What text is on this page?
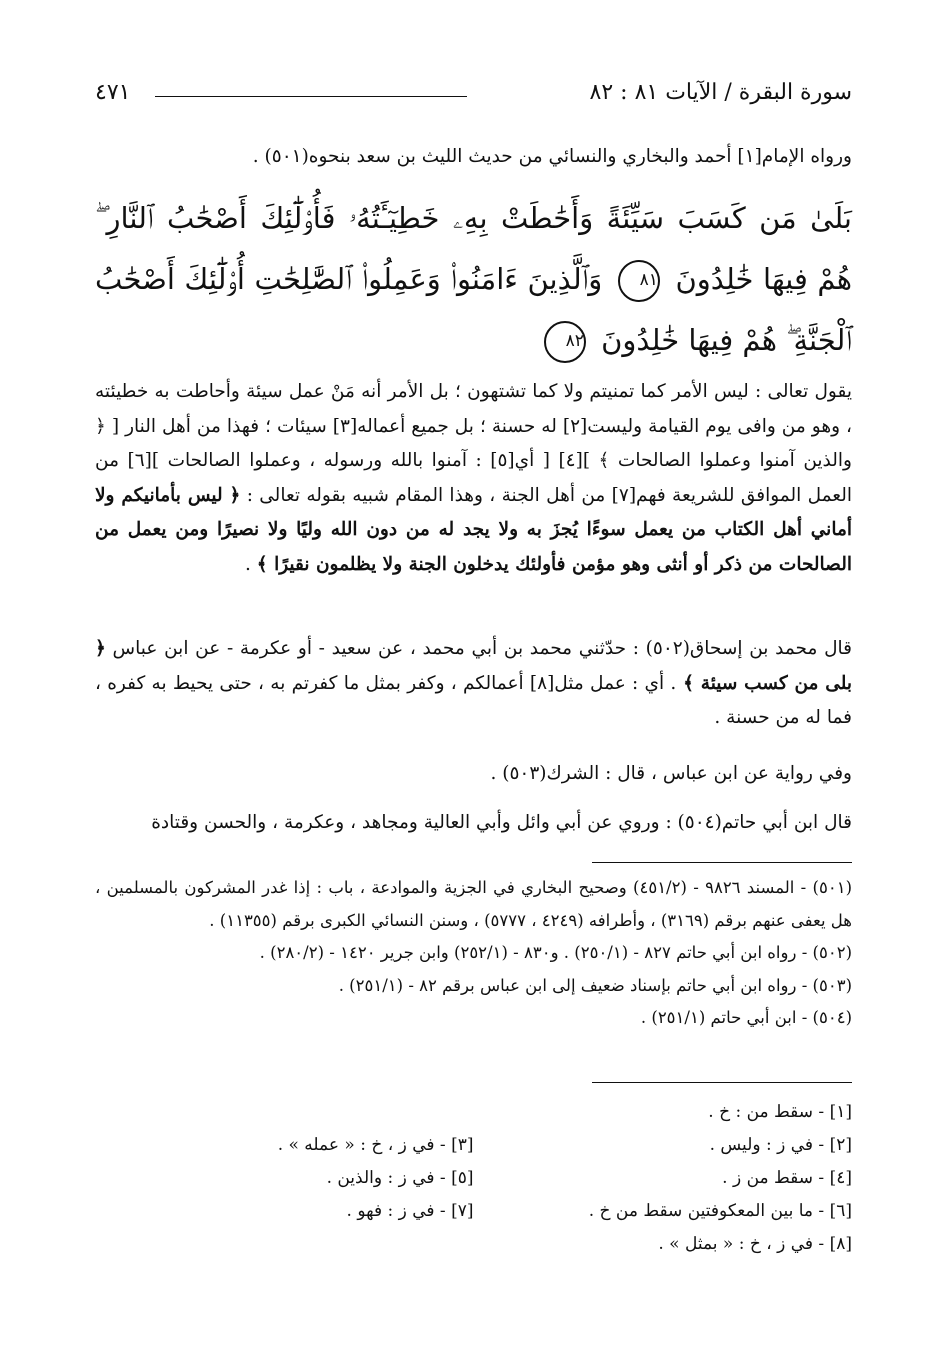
سورة البقرة / الآيات ٨١ : ٨٢
٤٧١

ورواه الإمام[١] أحمد والبخاري والنسائي من حديث الليث بن سعد بنحوه(٥٠١) .

بَلَىٰ مَن كَسَبَ سَيِّئَةً وَأَحَٰطَتْ بِهِۦ خَطِيٓـَٔتُهُۥ فَأُو۟لَٰٓئِكَ أَصْحَٰبُ ٱلنَّارِ ۖ هُمْ فِيهَا خَٰلِدُونَ ٨١ وَٱلَّذِينَ ءَامَنُوا۟ وَعَمِلُوا۟ ٱلصَّٰلِحَٰتِ أُو۟لَٰٓئِكَ أَصْحَٰبُ ٱلْجَنَّةِ ۖ هُمْ فِيهَا خَٰلِدُونَ ٨٢

يقول تعالى : ليس الأمر كما تمنيتم ولا كما تشتهون ؛ بل الأمر أنه مَنْ عمل سيئة وأحاطت به خطيئته ، وهو من وافى يوم القيامة وليست[٢] له حسنة ؛ بل جميع أعماله[٣] سيئات ؛ فهذا من أهل النار [ ﴿ والذين آمنوا وعملوا الصالحات ﴾ ][٤] [ أي[٥] : آمنوا بالله ورسوله ، وعملوا الصالحات ][٦] من العمل الموافق للشريعة فهم[٧] من أهل الجنة ، وهذا المقام شبيه بقوله تعالى : ﴿ ليس بأمانيكم ولا أماني أهل الكتاب من يعمل سوءًا يُجزَ به ولا يجد له من دون الله وليًا ولا نصيرًا ومن يعمل من الصالحات من ذكر أو أنثى وهو مؤمن فأولئك يدخلون الجنة ولا يظلمون نقيرًا ﴾ .

قال محمد بن إسحاق(٥٠٢) : حدّثني محمد بن أبي محمد ، عن سعيد - أو عكرمة - عن ابن عباس ﴿ بلى من كسب سيئة ﴾ . أي : عمل مثل[٨] أعمالكم ، وكفر بمثل ما كفرتم به ، حتى يحيط به كفره ، فما له من حسنة .

وفي رواية عن ابن عباس ، قال : الشرك(٥٠٣) .

قال ابن أبي حاتم(٥٠٤) : وروي عن أبي وائل وأبي العالية ومجاهد ، وعكرمة ، والحسن وقتادة

(٥٠١) - المسند ٩٨٢٦ - (٤٥١/٢) وصحيح البخاري في الجزية والموادعة ، باب : إذا غدر المشركون بالمسلمين ، هل يعفى عنهم برقم (٣١٦٩) ، وأطرافه (٤٢٤٩ ، ٥٧٧٧) ، وسنن النسائي الكبرى برقم (١١٣٥٥) .

(٥٠٢) - رواه ابن أبي حاتم ٨٢٧ - (٢٥٠/١) . و٨٣٠ - (٢٥٢/١) وابن جرير ١٤٢٠ - (٢٨٠/٢) .

(٥٠٣) - رواه ابن أبي حاتم بإسناد ضعيف إلى ابن عباس برقم ٨٢ - (٢٥١/١) .

(٥٠٤) - ابن أبي حاتم (٢٥١/١) .

[١] - سقط من : خ .
[٢] - في ز : وليس .
[٣] - في ز ، خ : « عمله » .
[٤] - سقط من ز .
[٥] - في ز : والذين .
[٦] - ما بين المعكوفتين سقط من خ .
[٧] - في ز : فهو .
[٨] - في ز ، خ : « بمثل » .
